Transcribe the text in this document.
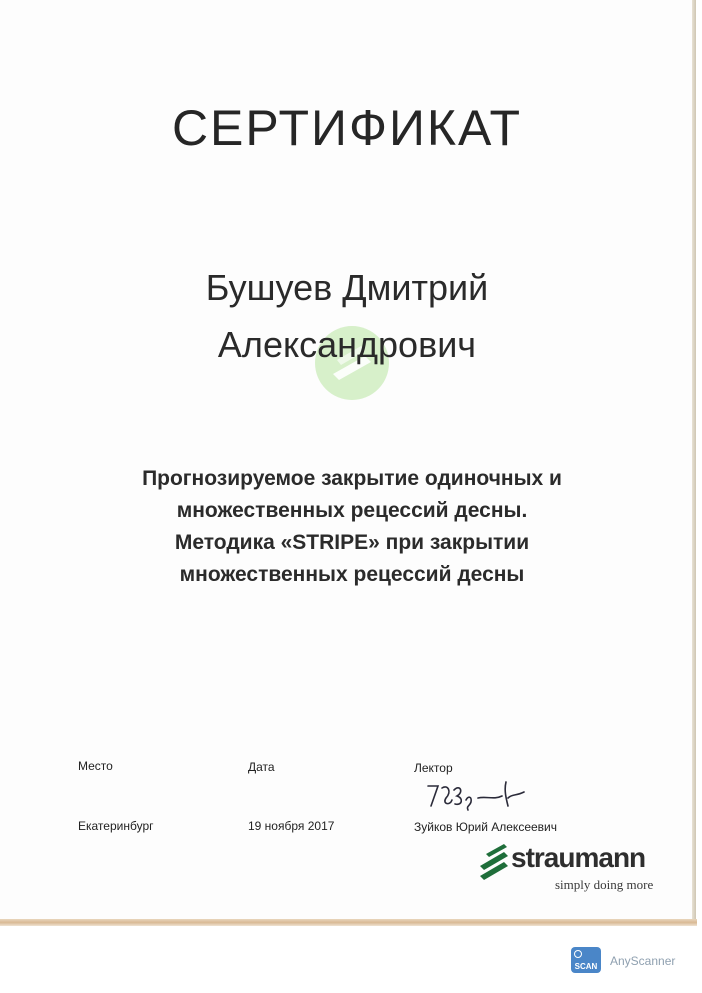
СЕРТИФИКАТ
Бушуев Дмитрий
Александрович
Прогнозируемое закрытие одиночных и
множественных рецессий десны.
Методика «STRIPE» при закрытии
множественных рецессий десны
Место	Дата	Лектор
Екатеринбург	19 ноября 2017	Зуйков Юрий Алексеевич
straumann
simply doing more
SCAN	AnyScanner
